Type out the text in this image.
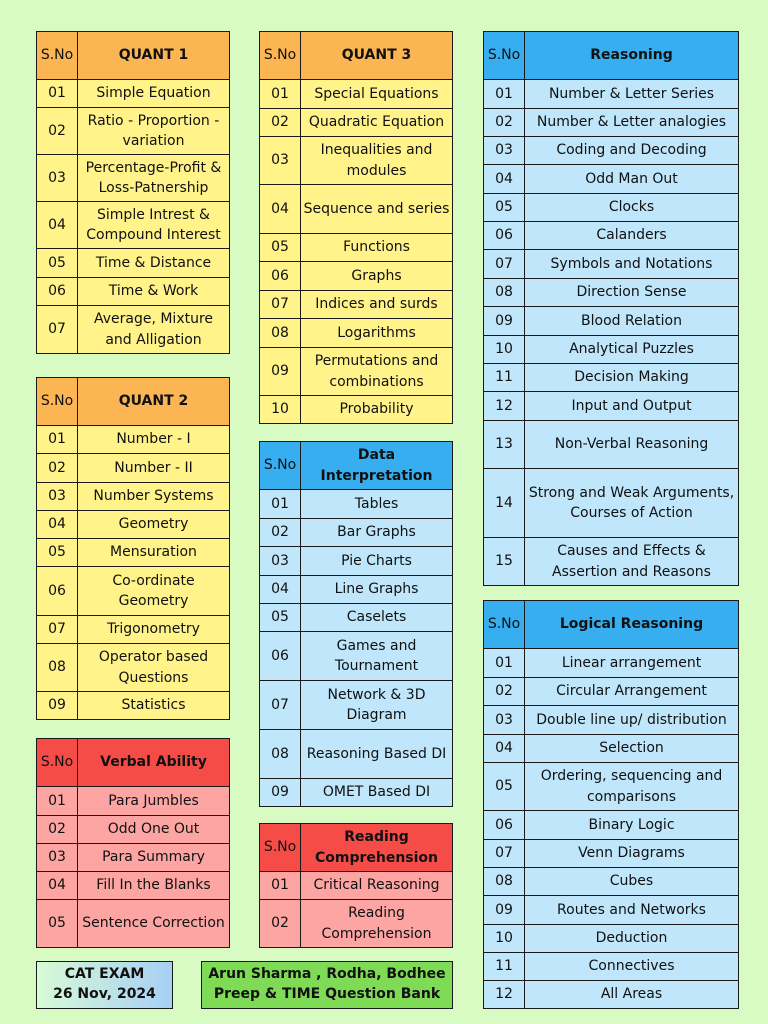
S.No	QUANT 1
01	Simple Equation
02	Ratio - Proportion - variation
03	Percentage-Profit & Loss-Patnership
04	Simple Intrest & Compound Interest
05	Time & Distance
06	Time & Work
07	Average, Mixture and Alligation
S.No	QUANT 2
01	Number - I
02	Number - II
03	Number Systems
04	Geometry
05	Mensuration
06	Co-ordinate Geometry
07	Trigonometry
08	Operator based Questions
09	Statistics
S.No	Verbal Ability
01	Para Jumbles
02	Odd One Out
03	Para Summary
04	Fill In the Blanks
05	Sentence Correction
S.No	QUANT 3
01	Special Equations
02	Quadratic Equation
03	Inequalities and modules
04	Sequence and series
05	Functions
06	Graphs
07	Indices and surds
08	Logarithms
09	Permutations and combinations
10	Probability
S.No	Data Interpretation
01	Tables
02	Bar Graphs
03	Pie Charts
04	Line Graphs
05	Caselets
06	Games and Tournament
07	Network & 3D Diagram
08	Reasoning Based DI
09	OMET Based DI
S.No	Reading Comprehension
01	Critical Reasoning
02	Reading Comprehension
S.No	Reasoning
01	Number & Letter Series
02	Number & Letter analogies
03	Coding and Decoding
04	Odd Man Out
05	Clocks
06	Calanders
07	Symbols and Notations
08	Direction Sense
09	Blood Relation
10	Analytical Puzzles
11	Decision Making
12	Input and Output
13	Non-Verbal Reasoning
14	Strong and Weak Arguments, Courses of Action
15	Causes and Effects & Assertion and Reasons
S.No	Logical Reasoning
01	Linear arrangement
02	Circular Arrangement
03	Double line up/ distribution
04	Selection
05	Ordering, sequencing and comparisons
06	Binary Logic
07	Venn Diagrams
08	Cubes
09	Routes and Networks
10	Deduction
11	Connectives
12	All Areas
CAT EXAM
26 Nov, 2024
Arun Sharma , Rodha, Bodhee
Preep & TIME Question Bank
